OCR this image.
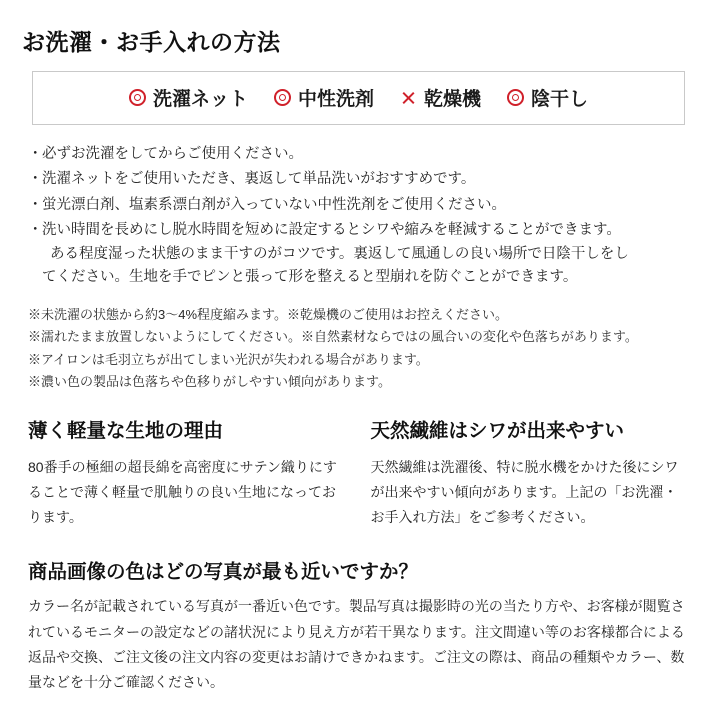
お洗濯・お手入れの方法
洗濯ネット	中性洗剤	乾燥機	陰干し
・ 必ずお洗濯をしてからご使用ください。
・ 洗濯ネットをご使用いただき、裏返して単品洗いがおすすめです。
・ 蛍光漂白剤、塩素系漂白剤が入っていない中性洗剤をご使用ください。
・ 洗い時間を長めにし脱水時間を短めに設定するとシワや縮みを軽減することができます。
ある程度湿った状態のまま干すのがコツです。裏返して風通しの良い場所で日陰干しをし
てください。生地を手でピンと張って形を整えると型崩れを防ぐことができます。
※未洗濯の状態から約3〜4%程度縮みます。※乾燥機のご使用はお控えください。
※濡れたまま放置しないようにしてください。※自然素材ならではの風合いの変化や色落ちがあります。
※アイロンは毛羽立ちが出てしまい光沢が失われる場合があります。
※濃い色の製品は色落ちや色移りがしやすい傾向があります。
薄く軽量な生地の理由
80番手の極細の超長綿を高密度にサテン織りにすることで薄く軽量で肌触りの良い生地になっております。
天然繊維はシワが出来やすい
天然繊維は洗濯後、特に脱水機をかけた後にシワが出来やすい傾向があります。上記の「お洗濯・お手入れ方法」をご参考ください。
商品画像の色はどの写真が最も近いですか？
カラー名が記載されている写真が一番近い色です。製品写真は撮影時の光の当たり方や、お客様が閲覧されているモニターの設定などの諸状況により見え方が若干異なります。注文間違い等のお客様都合による返品や交換、ご注文後の注文内容の変更はお請けできかねます。ご注文の際は、商品の種類やカラー、数量などを十分ご確認ください。
